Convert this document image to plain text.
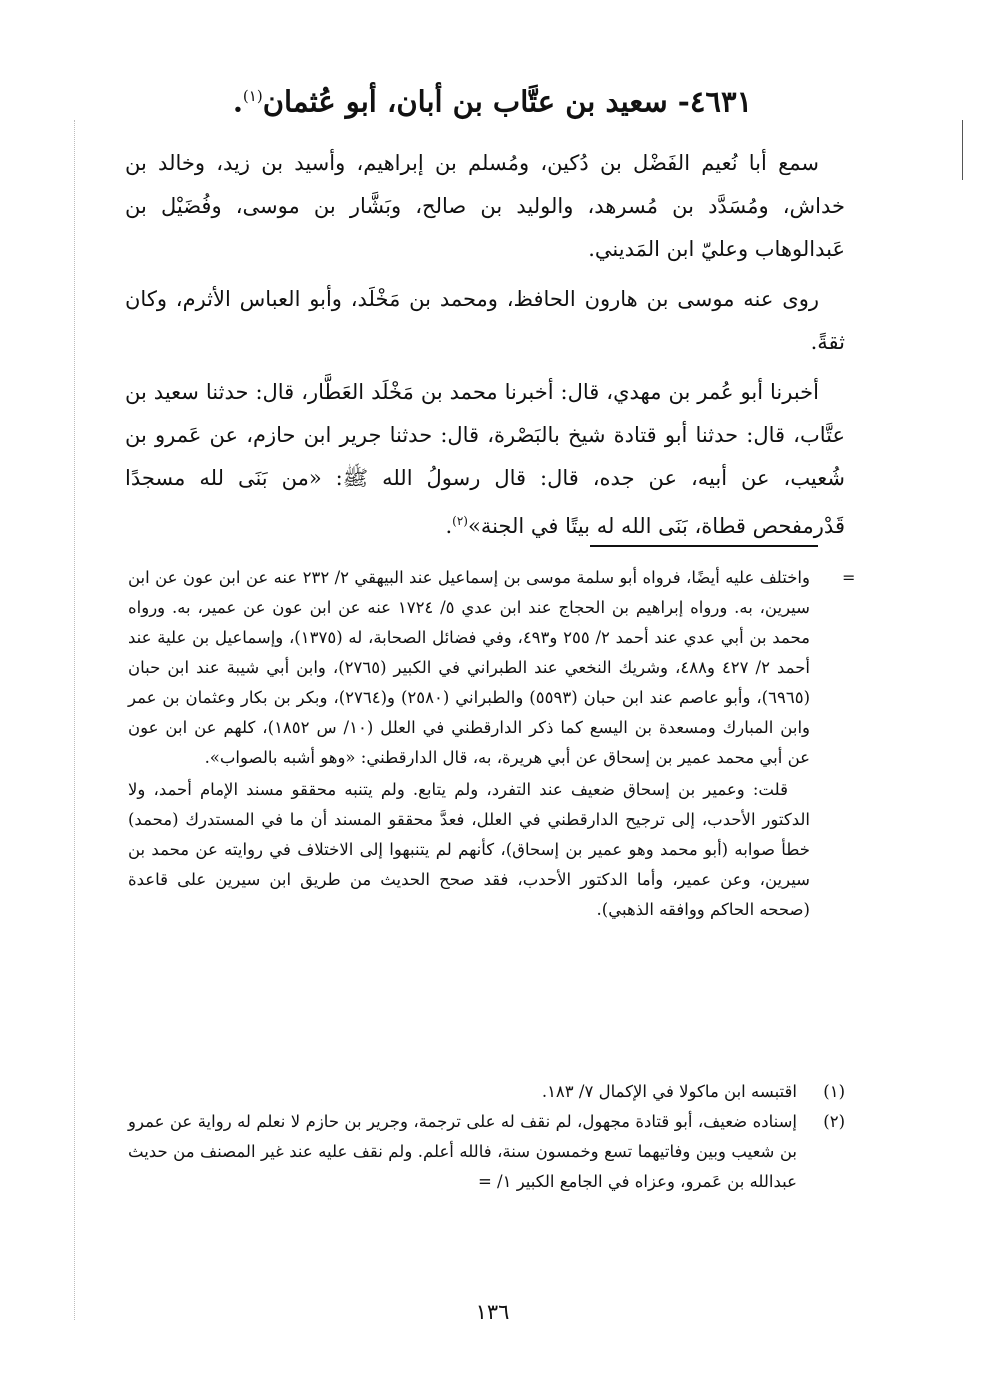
٤٦٣١- سعيد بن عتَّاب بن أبان، أبو عُثمان$^{(١)}$.

سمع أبا نُعيم الفَضْل بن دُكين، ومُسلم بن إبراهيم، وأسيد بن زيد، وخالد بن خداش، ومُسَدَّد بن مُسرهد، والوليد بن صالح، وبَشَّار بن موسى، وفُضَيْل بن عَبدالوهاب وعليّ ابن المَديني.

روى عنه موسى بن هارون الحافظ، ومحمد بن مَخْلَد، وأبو العباس الأثرم، وكان ثقةً.

أخبرنا أبو عُمر بن مهدي، قال: أخبرنا محمد بن مَخْلَد العَطَّار، قال: حدثنا سعيد بن عتَّاب، قال: حدثنا أبو قتادة شيخ بالبَصْرة، قال: حدثنا جرير ابن حازم، عن عَمرو بن شُعيب، عن أبيه، عن جده، قال: قال رسولُ الله ﷺ: «من بَنَى لله مسجدًا قَدْرمفحص قطاة، بَنَى الله له بيتًا في الجنة»$^{(٢)}$.

=

واختلف عليه أيضًا، فرواه أبو سلمة موسى بن إسماعيل عند البيهقي ٢/ ٢٣٢ عنه عن ابن عون عن ابن سيرين، به. ورواه إبراهيم بن الحجاج عند ابن عدي ٥/ ١٧٢٤ عنه عن ابن عون عن عمير، به. ورواه محمد بن أبي عدي عند أحمد ٢/ ٢٥٥ و٤٩٣، وفي فضائل الصحابة، له (١٣٧٥)، وإسماعيل بن علية عند أحمد ٢/ ٤٢٧ و٤٨٨، وشريك النخعي عند الطبراني في الكبير (٢٧٦٥)، وابن أبي شيبة عند ابن حبان (٦٩٦٥)، وأبو عاصم عند ابن حبان (٥٥٩٣) والطبراني (٢٥٨٠) و(٢٧٦٤)، وبكر بن بكار وعثمان بن عمر وابن المبارك ومسعدة بن اليسع كما ذكر الدارقطني في العلل (١٠/ س ١٨٥٢)، كلهم عن ابن عون عن أبي محمد عمير بن إسحاق عن أبي هريرة، به، قال الدارقطني: «وهو أشبه بالصواب».

قلت: وعمير بن إسحاق ضعيف عند التفرد، ولم يتابع. ولم يتنبه محققو مسند الإمام أحمد، ولا الدكتور الأحدب، إلى ترجيح الدارقطني في العلل، فعدَّ محققو المسند أن ما في المستدرك (محمد) خطأ صوابه (أبو محمد وهو عمير بن إسحاق)، كأنهم لم يتنبهوا إلى الاختلاف في روايته عن محمد بن سيرين، وعن عمير، وأما الدكتور الأحدب، فقد صحح الحديث من طريق ابن سيرين على قاعدة (صححه الحاكم ووافقه الذهبي).

(١)
اقتبسه ابن ماكولا في الإكمال ٧/ ١٨٣.

(٢)
إسناده ضعيف، أبو قتادة مجهول، لم نقف له على ترجمة، وجرير بن حازم لا نعلم له رواية عن عمرو بن شعيب وبين وفاتيهما تسع وخمسون سنة، فالله أعلم. ولم نقف عليه عند غير المصنف من حديث عبدالله بن عَمرو، وعزاه في الجامع الكبير ١/ =

١٣٦
